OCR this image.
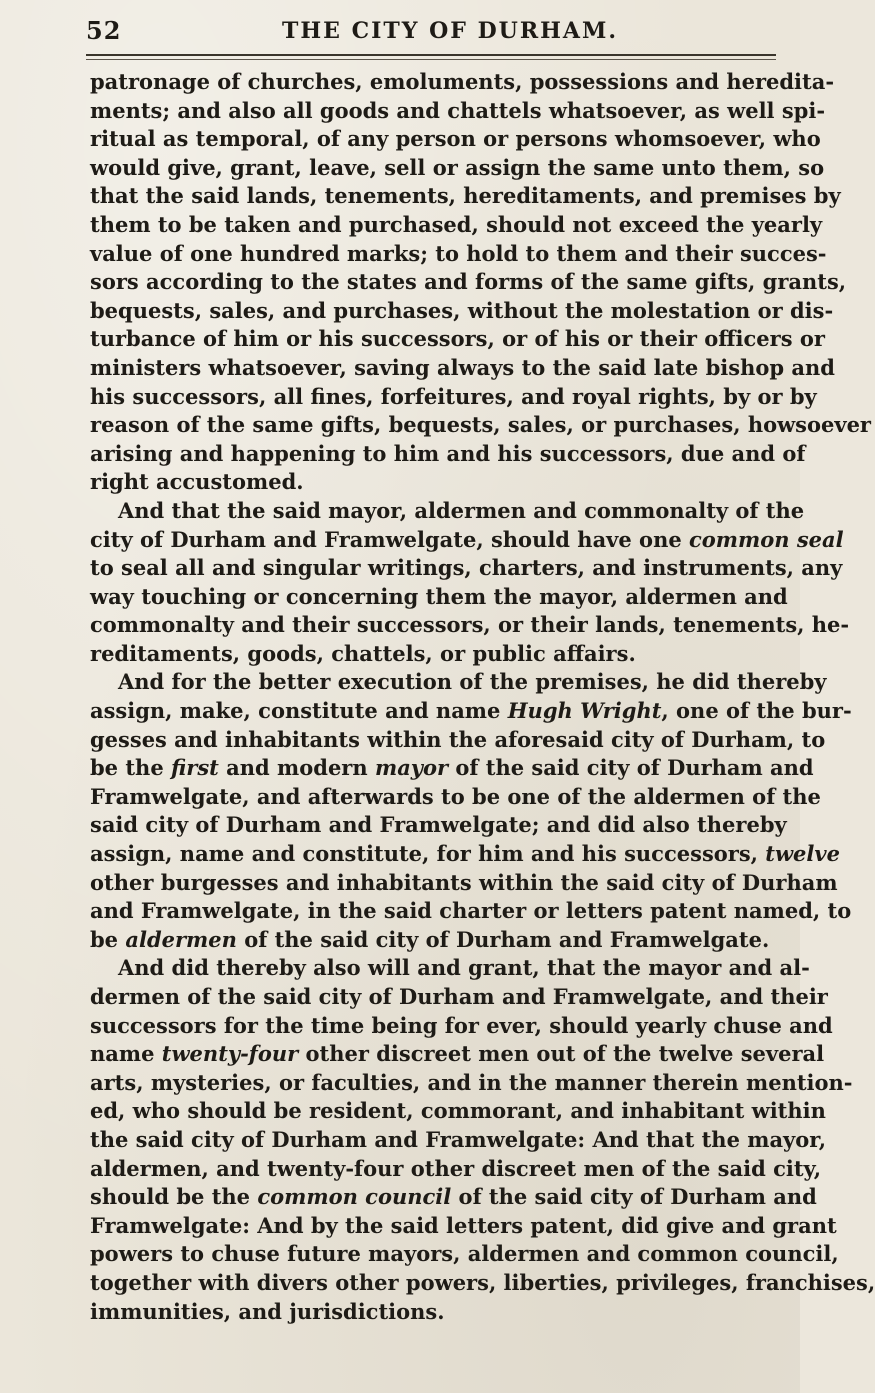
52	THE CITY OF DURHAM.
patronage of churches, emoluments, possessions and heredita-
ments; and also all goods and chattels whatsoever, as well spi-
ritual as temporal, of any person or persons whomsoever, who
would give, grant, leave, sell or assign the same unto them, so
that the said lands, tenements, hereditaments, and premises by
them to be taken and purchased, should not exceed the yearly
value of one hundred marks; to hold to them and their succes-
sors according to the states and forms of the same gifts, grants,
bequests, sales, and purchases, without the molestation or dis-
turbance of him or his successors, or of his or their officers or
ministers whatsoever, saving always to the said late bishop and
his successors, all fines, forfeitures, and royal rights, by or by
reason of the same gifts, bequests, sales, or purchases, howsoever
arising and happening to him and his successors, due and of
right accustomed.
And that the said mayor, aldermen and commonalty of the
city of Durham and Framwelgate, should have one common seal
to seal all and singular writings, charters, and instruments, any
way touching or concerning them the mayor, aldermen and
commonalty and their successors, or their lands, tenements, he-
reditaments, goods, chattels, or public affairs.
And for the better execution of the premises, he did thereby
assign, make, constitute and name Hugh Wright, one of the bur-
gesses and inhabitants within the aforesaid city of Durham, to
be the first and modern mayor of the said city of Durham and
Framwelgate, and afterwards to be one of the aldermen of the
said city of Durham and Framwelgate; and did also thereby
assign, name and constitute, for him and his successors, twelve
other burgesses and inhabitants within the said city of Durham
and Framwelgate, in the said charter or letters patent named, to
be aldermen of the said city of Durham and Framwelgate.
And did thereby also will and grant, that the mayor and al-
dermen of the said city of Durham and Framwelgate, and their
successors for the time being for ever, should yearly chuse and
name twenty-four other discreet men out of the twelve several
arts, mysteries, or faculties, and in the manner therein mention-
ed, who should be resident, commorant, and inhabitant within
the said city of Durham and Framwelgate: And that the mayor,
aldermen, and twenty-four other discreet men of the said city,
should be the common council of the said city of Durham and
Framwelgate: And by the said letters patent, did give and grant
powers to chuse future mayors, aldermen and common council,
together with divers other powers, liberties, privileges, franchises,
immunities, and jurisdictions.
